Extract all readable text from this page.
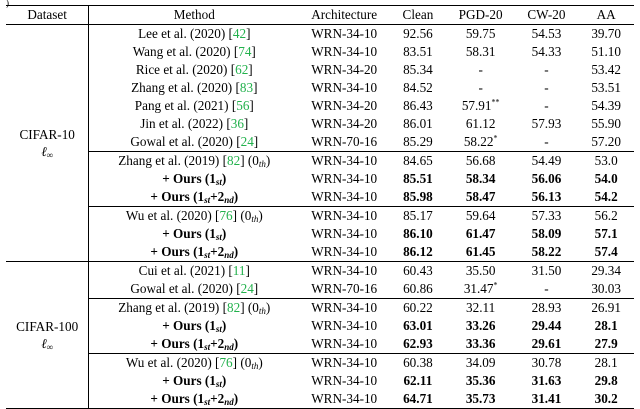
)
Dataset	Method	Architecture	Clean	PGD-20	CW-20	AA

CIFAR-10
ℓ$_\infty$	Lee et al. (2020) [42]	WRN-34-10	92.56	59.75	54.53	39.70
	Wang et al. (2020) [74]	WRN-34-10	83.51	58.31	54.33	51.10
	Rice et al. (2020) [62]	WRN-34-20	85.34	-	-	53.42
	Zhang et al. (2020) [83]	WRN-34-10	84.52	-	-	53.51
	Pang et al. (2021) [56]	WRN-34-20	86.43	57.91**	-	54.39
	Jin et al. (2022) [36]	WRN-34-20	86.01	61.12	57.93	55.90
	Gowal et al. (2020) [24]	WRN-70-16	85.29	58.22*	-	57.20
	Zhang et al. (2019) [82] $(0_{th})$	WRN-34-10	84.65	56.68	54.49	53.0
	+ Ours $(1_{st})$	WRN-34-10	85.51	58.34	56.06	54.0
	+ Ours $(1_{st}+2_{nd})$	WRN-34-10	85.98	58.47	56.13	54.2
	Wu et al. (2020) [76] $(0_{th})$	WRN-34-10	85.17	59.64	57.33	56.2
	+ Ours $(1_{st})$	WRN-34-10	86.10	61.47	58.09	57.1
	+ Ours $(1_{st}+2_{nd})$	WRN-34-10	86.12	61.45	58.22	57.4

CIFAR-100
ℓ$_\infty$	Cui et al. (2021) [11]	WRN-34-10	60.43	35.50	31.50	29.34
	Gowal et al. (2020) [24]	WRN-70-16	60.86	31.47*	-	30.03
	Zhang et al. (2019) [82] $(0_{th})$	WRN-34-10	60.22	32.11	28.93	26.91
	+ Ours $(1_{st})$	WRN-34-10	63.01	33.26	29.44	28.1
	+ Ours $(1_{st}+2_{nd})$	WRN-34-10	62.93	33.36	29.61	27.9
	Wu et al. (2020) [76] $(0_{th})$	WRN-34-10	60.38	34.09	30.78	28.1
	+ Ours $(1_{st})$	WRN-34-10	62.11	35.36	31.63	29.8
	+ Ours $(1_{st}+2_{nd})$	WRN-34-10	64.71	35.73	31.41	30.2
